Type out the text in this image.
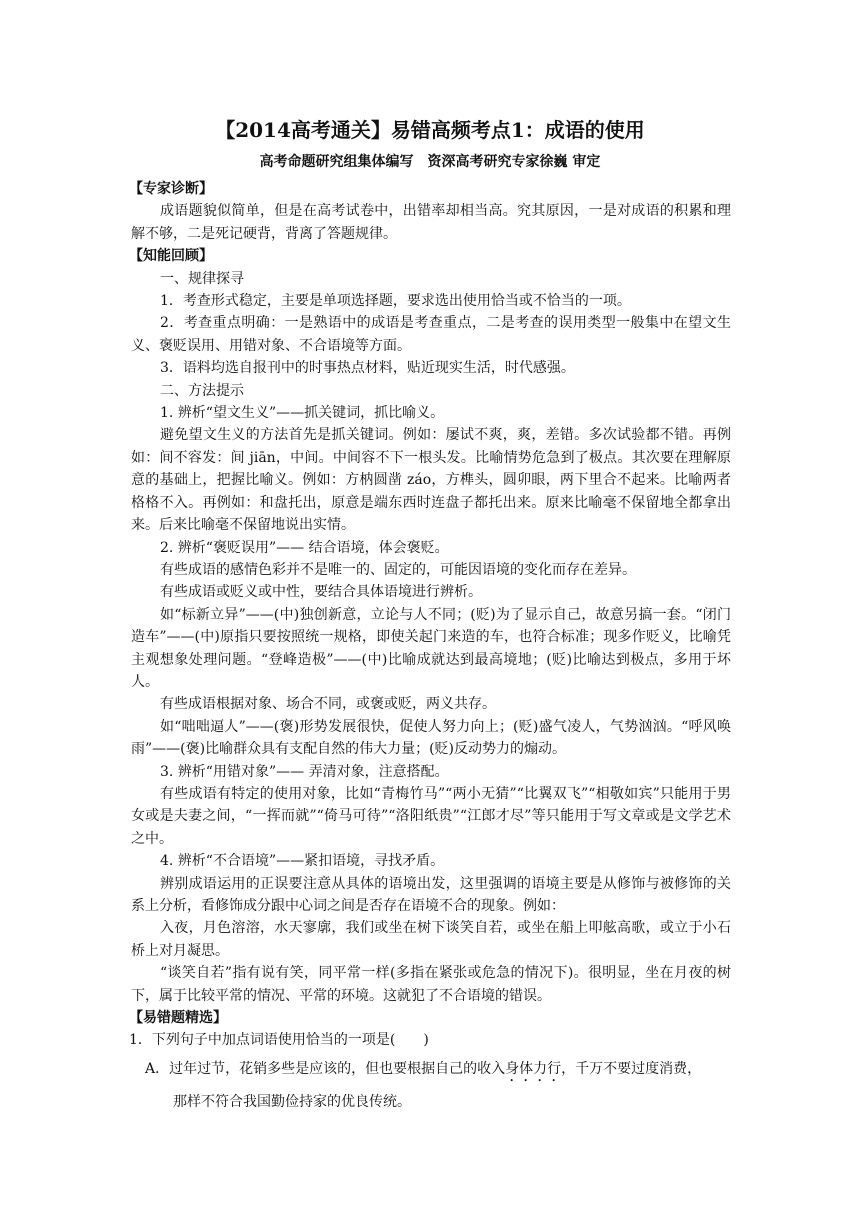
【2014高考通关】易错高频考点1：成语的使用
高考命题研究组集体编写　资深高考研究专家徐巍 审定

【专家诊断】

成语题貌似简单，但是在高考试卷中，出错率却相当高。究其原因，一是对成语的积累和理解不够，二是死记硬背，背离了答题规律。

【知能回顾】

一、规律探寻

1．考查形式稳定，主要是单项选择题，要求选出使用恰当或不恰当的一项。

2．考查重点明确：一是熟语中的成语是考查重点，二是考查的误用类型一般集中在望文生义、褒贬误用、用错对象、不合语境等方面。

3．语料均选自报刊中的时事热点材料，贴近现实生活，时代感强。

二、方法提示

1. 辨析“望文生义”——抓关键词，抓比喻义。

避免望文生义的方法首先是抓关键词。例如：屡试不爽，爽，差错。多次试验都不错。再例如：间不容发：间 jiān，中间。中间容不下一根头发。比喻情势危急到了极点。其次要在理解原意的基础上，把握比喻义。例如：方枘圆凿 záo，方榫头，圆卯眼，两下里合不起来。比喻两者格格不入。再例如：和盘托出，原意是端东西时连盘子都托出来。原来比喻毫不保留地全都拿出来。后来比喻毫不保留地说出实情。

2. 辨析“褒贬误用”—— 结合语境，体会褒贬。

有些成语的感情色彩并不是唯一的、固定的，可能因语境的变化而存在差异。

有些成语或贬义或中性，要结合具体语境进行辨析。

如“标新立异”——(中)独创新意，立论与人不同；(贬)为了显示自己，故意另搞一套。“闭门造车”——(中)原指只要按照统一规格，即使关起门来造的车，也符合标准；现多作贬义，比喻凭主观想象处理问题。“登峰造极”——(中)比喻成就达到最高境地；(贬)比喻达到极点，多用于坏人。

有些成语根据对象、场合不同，或褒或贬，两义共存。

如“咄咄逼人”——(褒)形势发展很快，促使人努力向上；(贬)盛气凌人，气势汹汹。“呼风唤雨”——(褒)比喻群众具有支配自然的伟大力量；(贬)反动势力的煽动。

3. 辨析“用错对象”—— 弄清对象，注意搭配。

有些成语有特定的使用对象，比如“青梅竹马”“两小无猜”“比翼双飞”“相敬如宾”只能用于男女或是夫妻之间，“一挥而就”“倚马可待”“洛阳纸贵”“江郎才尽”等只能用于写文章或是文学艺术之中。

4. 辨析“不合语境”——紧扣语境，寻找矛盾。

辨别成语运用的正误要注意从具体的语境出发，这里强调的语境主要是从修饰与被修饰的关系上分析，看修饰成分跟中心词之间是否存在语境不合的现象。例如：

入夜，月色溶溶，水天寥廓，我们或坐在树下谈笑自若，或坐在船上叩舷高歌，或立于小石桥上对月凝思。

“谈笑自若”指有说有笑，同平常一样(多指在紧张或危急的情况下)。很明显，坐在月夜的树下，属于比较平常的情况、平常的环境。这就犯了不合语境的错误。

【易错题精选】

1．下列句子中加点词语使用恰当的一项是(　　)

A．过年过节，花销多些是应该的，但也要根据自己的收入身体力行，千万不要过度消费，

那样不符合我国勤俭持家的优良传统。
